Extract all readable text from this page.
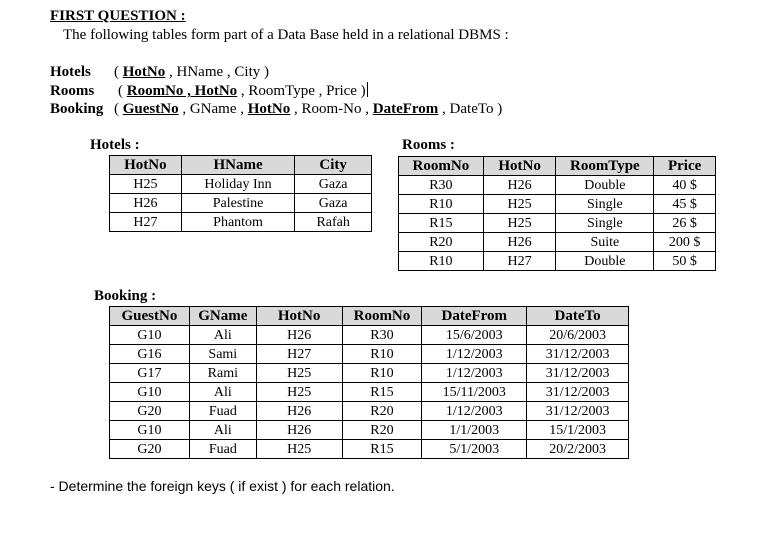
FIRST QUESTION :
The following tables form part of a Data Base held in a relational DBMS :
Hotels ( HotNo , HName , City )
Rooms ( RoomNo , HotNo , RoomType , Price )
Booking ( GuestNo , GName , HotNo , Room-No , DateFrom , DateTo )
Hotels :
HotNo	HName	City
H25	Holiday Inn	Gaza
H26	Palestine	Gaza
H27	Phantom	Rafah
Rooms :
RoomNo	HotNo	RoomType	Price
R30	H26	Double	40 $
R10	H25	Single	45 $
R15	H25	Single	26 $
R20	H26	Suite	200 $
R10	H27	Double	50 $
Booking :
GuestNo	GName	HotNo	RoomNo	DateFrom	DateTo
G10	Ali	H26	R30	15/6/2003	20/6/2003
G16	Sami	H27	R10	1/12/2003	31/12/2003
G17	Rami	H25	R10	1/12/2003	31/12/2003
G10	Ali	H25	R15	15/11/2003	31/12/2003
G20	Fuad	H26	R20	1/12/2003	31/12/2003
G10	Ali	H26	R20	1/1/2003	15/1/2003
G20	Fuad	H25	R15	5/1/2003	20/2/2003
- Determine the foreign keys ( if exist ) for each relation.
